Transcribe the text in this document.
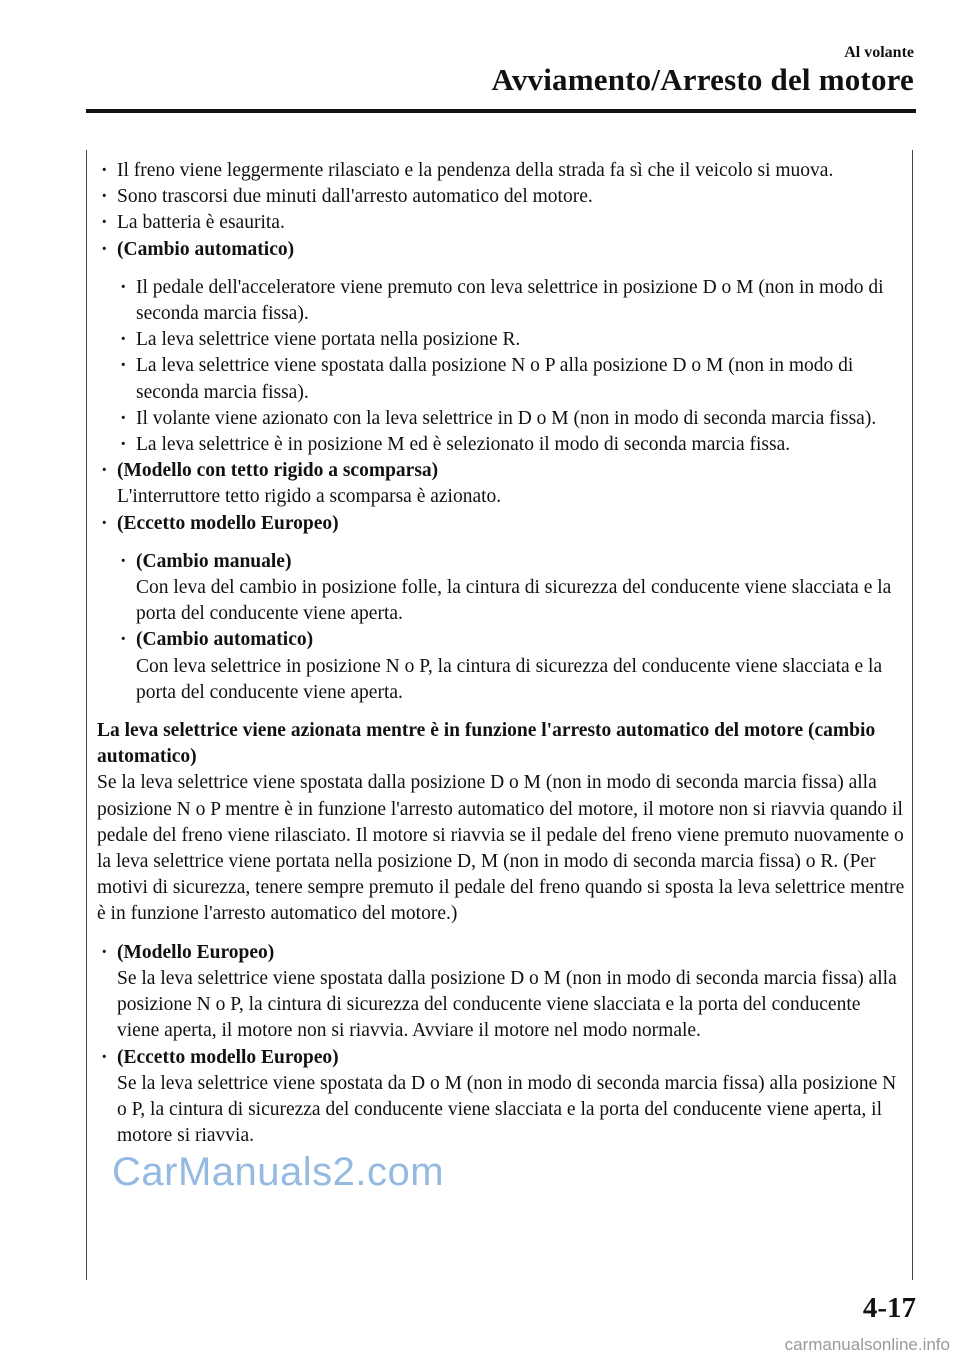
Al volante
Avviamento/Arresto del motore
· Il freno viene leggermente rilasciato e la pendenza della strada fa sì che il veicolo si muova.
· Sono trascorsi due minuti dall'arresto automatico del motore.
· La batteria è esaurita.
· (Cambio automatico)
· Il pedale dell'acceleratore viene premuto con leva selettrice in posizione D o M (non in modo di seconda marcia fissa).
· La leva selettrice viene portata nella posizione R.
· La leva selettrice viene spostata dalla posizione N o P alla posizione D o M (non in modo di seconda marcia fissa).
· Il volante viene azionato con la leva selettrice in D o M (non in modo di seconda marcia fissa).
· La leva selettrice è in posizione M ed è selezionato il modo di seconda marcia fissa.
· (Modello con tetto rigido a scomparsa)
L'interruttore tetto rigido a scomparsa è azionato.
· (Eccetto modello Europeo)
· (Cambio manuale)
Con leva del cambio in posizione folle, la cintura di sicurezza del conducente viene slacciata e la porta del conducente viene aperta.
· (Cambio automatico)
Con leva selettrice in posizione N o P, la cintura di sicurezza del conducente viene slacciata e la porta del conducente viene aperta.
La leva selettrice viene azionata mentre è in funzione l'arresto automatico del motore (cambio automatico)
Se la leva selettrice viene spostata dalla posizione D o M (non in modo di seconda marcia fissa) alla posizione N o P mentre è in funzione l'arresto automatico del motore, il motore non si riavvia quando il pedale del freno viene rilasciato. Il motore si riavvia se il pedale del freno viene premuto nuovamente o la leva selettrice viene portata nella posizione D, M (non in modo di seconda marcia fissa) o R. (Per motivi di sicurezza, tenere sempre premuto il pedale del freno quando si sposta la leva selettrice mentre è in funzione l'arresto automatico del motore.)
· (Modello Europeo)
Se la leva selettrice viene spostata dalla posizione D o M (non in modo di seconda marcia fissa) alla posizione N o P, la cintura di sicurezza del conducente viene slacciata e la porta del conducente viene aperta, il motore non si riavvia. Avviare il motore nel modo normale.
· (Eccetto modello Europeo)
Se la leva selettrice viene spostata da D o M (non in modo di seconda marcia fissa) alla posizione N o P, la cintura di sicurezza del conducente viene slacciata e la porta del conducente viene aperta, il motore si riavvia.
CarManuals2.com
4-17
carmanualsonline.info
